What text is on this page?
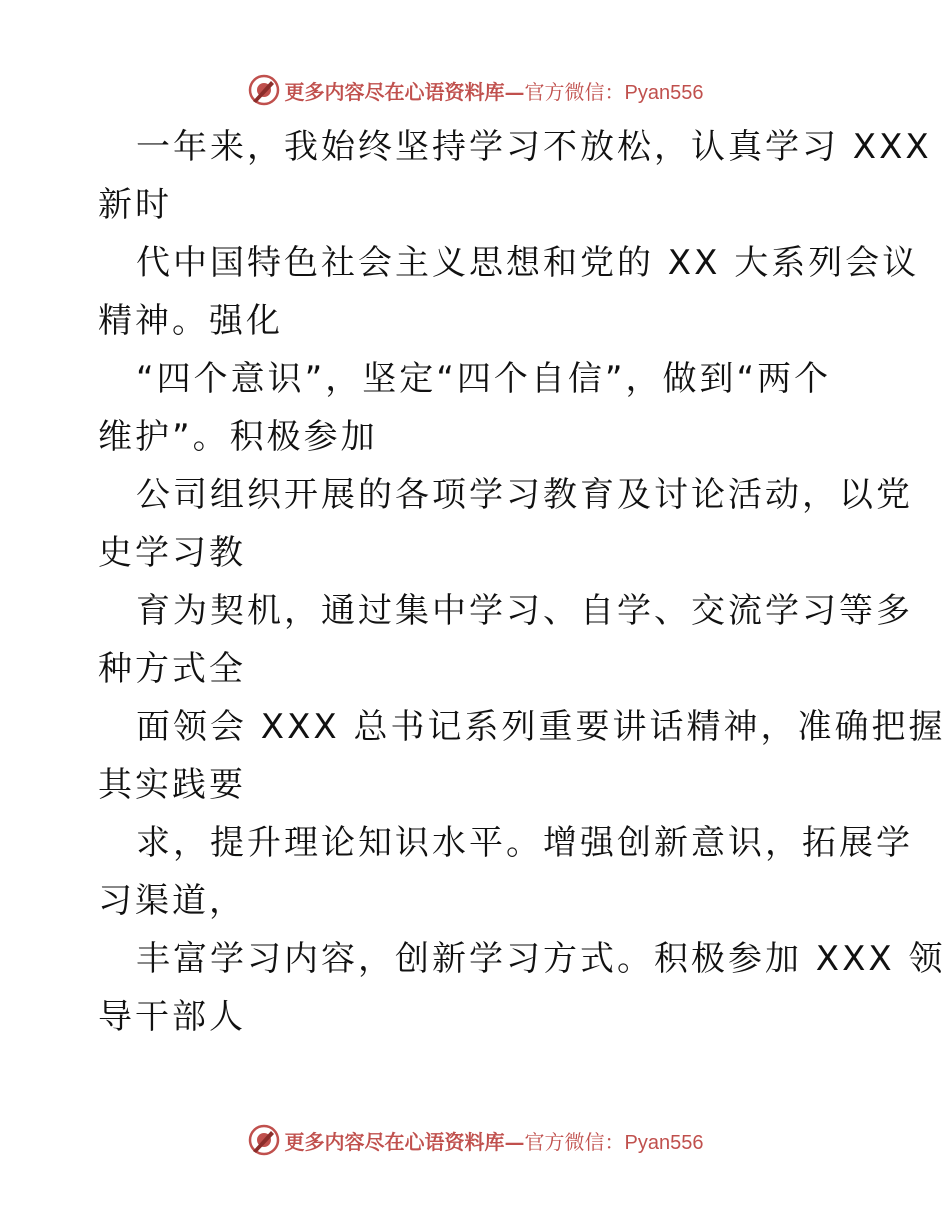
更多内容尽在心语资料库—官方微信：Pyan556
一年来，我始终坚持学习不放松，认真学习 XXX
新时
代中国特色社会主义思想和党的 XX 大系列会议
精神。强化
“四个意识”，坚定“四个自信”，做到“两个
维护”。积极参加
公司组织开展的各项学习教育及讨论活动，以党
史学习教
育为契机，通过集中学习、自学、交流学习等多
种方式全
面领会 XXX 总书记系列重要讲话精神，准确把握
其实践要
求，提升理论知识水平。增强创新意识，拓展学
习渠道，
丰富学习内容，创新学习方式。积极参加 XXX 领
导干部人
更多内容尽在心语资料库—官方微信：Pyan556
